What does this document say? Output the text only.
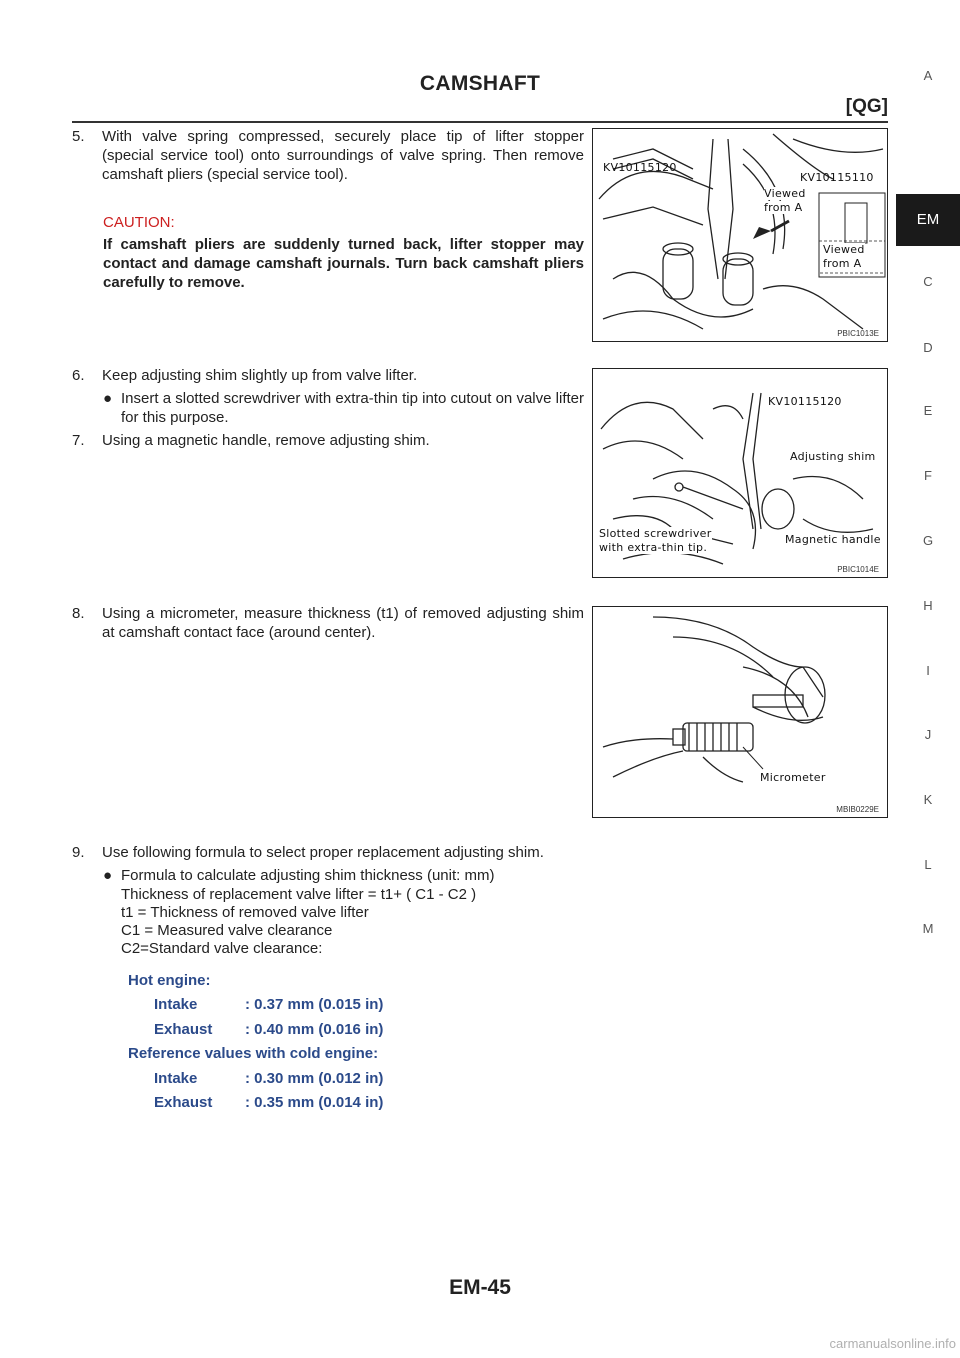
CAMSHAFT
[QG]
5.	With valve spring compressed, securely place tip of lifter stopper (special service tool) onto surroundings of valve spring. Then remove camshaft pliers (special service tool).
CAUTION:
If camshaft pliers are suddenly turned back, lifter stopper may contact and damage camshaft journals. Turn back camshaft pliers carefully to remove.
6.	Keep adjusting shim slightly up from valve lifter.
● Insert a slotted screwdriver with extra-thin tip into cutout on valve lifter for this purpose.
7.	Using a magnetic handle, remove adjusting shim.
8.	Using a micrometer, measure thickness (t1) of removed adjusting shim at camshaft contact face (around center).
9.	Use following formula to select proper replacement adjusting shim.
● Formula to calculate adjusting shim thickness (unit: mm)
Thickness of replacement valve lifter = t1+ ( C1 - C2 )
t1 = Thickness of removed valve lifter
C1 = Measured valve clearance
C2=Standard valve clearance:
Hot engine:
Intake	: 0.37 mm (0.015 in)
Exhaust : 0.40 mm (0.016 in)
Reference values with cold engine:
Intake	: 0.30 mm (0.012 in)
Exhaust : 0.35 mm (0.014 in)
KV10115120
KV10115110
Viewed
from A
Viewed
from A
PBIC1013E
KV10115120
Adjusting shim
Slotted screwdriver
with extra-thin tip.
Magnetic handle
PBIC1014E
Micrometer
MBIB0229E
A
EM
C
D
E
F
G
H
I
J
K
L
M
EM-45
carmanualsonline.info
